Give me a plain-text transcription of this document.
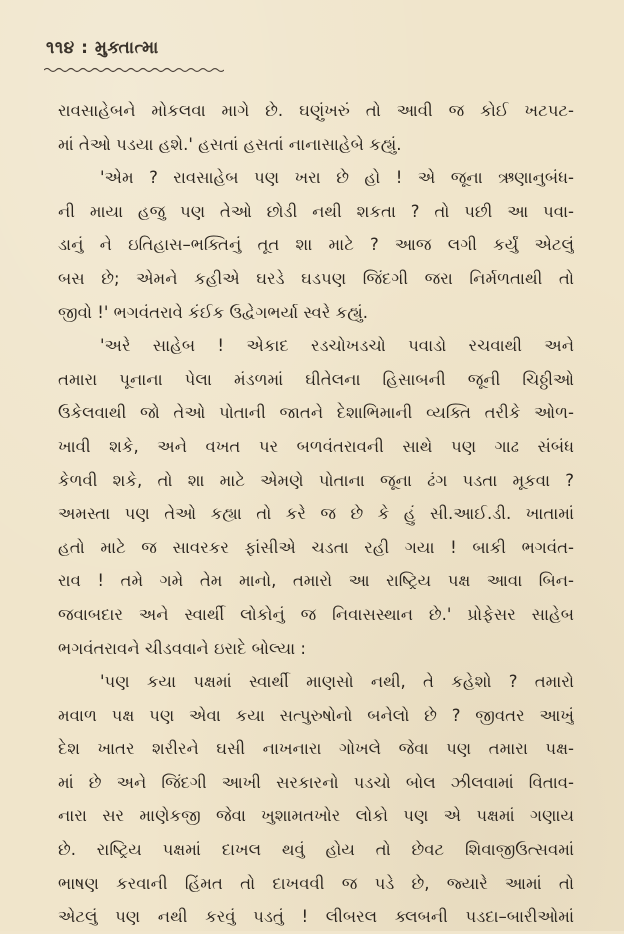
૧૧૪ : મુક્તાત્મા
રાવસાહેબને મોકલવા માગે છે. ઘણુંખરું તો આવી જ કોઈ ખટપટ-
માં તેઓ પડયા હશે.' હસતાં હસતાં નાનાસાહેબે કહ્યું.
'એમ ? રાવસાહેબ પણ ખરા છે હો ! એ જૂના ઋણાનુબંધ-
ની માયા હજુ પણ તેઓ છોડી નથી શકતા ? તો પછી આ પવા-
ડાનું ને ઇતિહાસ–ભક્તિનું તૂત શા માટે ? આજ લગી કર્યું એટલું
બસ છે; એમને કહીએ ઘરડે ઘડપણ જિંદગી જરા નિર્મળતાથી તો
જીવો !' ભગવંતરાવે કંઈક ઉદ્વેગભર્યા સ્વરે કહ્યું.
'અરે સાહેબ ! એકાદ રડચોખડચો પવાડો રચવાથી અને
તમારા પૂનાના પેલા મંડળમાં ઘીતેલના હિસાબની જૂની ચિઠ્ઠીઓ
ઉકેલવાથી જો તેઓ પોતાની જાતને દેશાભિમાની વ્યક્તિ તરીકે ઓળ-
ખાવી શકે, અને વખત પર બળવંતરાવની સાથે પણ ગાઢ સંબંધ
કેળવી શકે, તો શા માટે એમણે પોતાના જૂના ઢંગ પડતા મૂકવા ?
અમસ્તા પણ તેઓ કહ્યા તો કરે જ છે કે હું સી.આઈ.ડી. ખાતામાં
હતો માટે જ સાવરકર ફાંસીએ ચડતા રહી ગયા ! બાકી ભગવંત-
રાવ ! તમે ગમે તેમ માનો, તમારો આ રાષ્ટ્રિય પક્ષ આવા બિન-
જવાબદાર અને સ્વાર્થી લોકોનું જ નિવાસસ્થાન છે.' પ્રોફેસર સાહેબ
ભગવંતરાવને ચીડવવાને ઇરાદે બોલ્યા :
'પણ કયા પક્ષમાં સ્વાર્થી માણસો નથી, તે કહેશો ? તમારો
મવાળ પક્ષ પણ એવા કયા સત્પુરુષોનો બનેલો છે ? જીવતર આખું
દેશ ખાતર શરીરને ઘસી નાખનારા ગોખલે જેવા પણ તમારા પક્ષ-
માં છે અને જિંદગી આખી સરકારનો પડચો બોલ ઝીલવામાં વિતાવ-
નારા સર માણેકજી જેવા ખુશામતખોર લોકો પણ એ પક્ષમાં ગણાય
છે. રાષ્ટ્રિય પક્ષમાં દાખલ થવું હોય તો છેવટ શિવાજીઉત્સવમાં
ભાષણ કરવાની હિંમત તો દાખવવી જ પડે છે, જ્યારે આમાં તો
એટલું પણ નથી કરવું પડતું ! લીબરલ ક્લબની પડદા–બારીઓમાં
